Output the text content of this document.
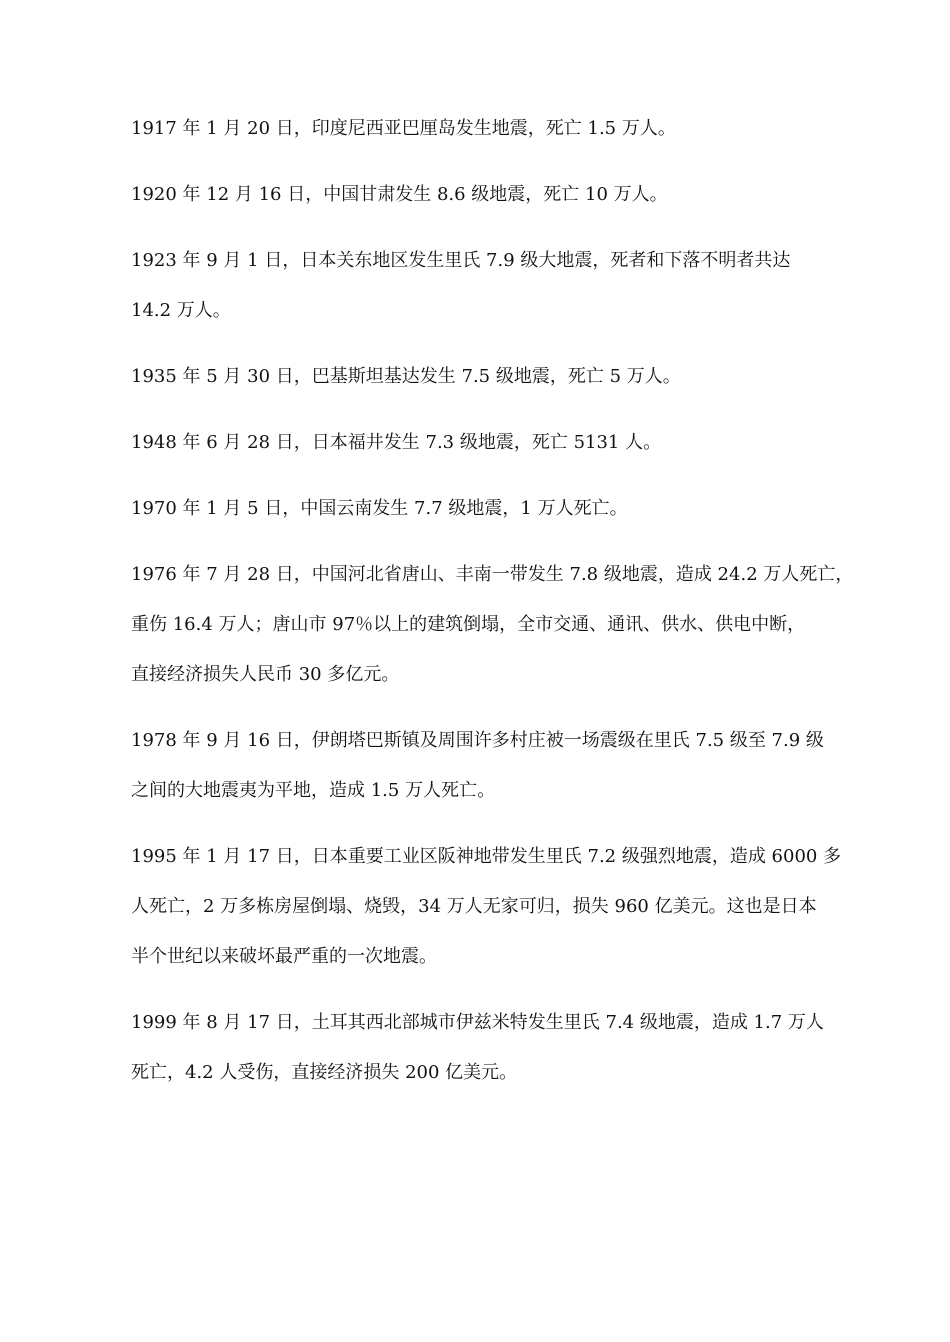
1917 年 1 月 20 日，印度尼西亚巴厘岛发生地震，死亡 1.5 万人。

1920 年 12 月 16 日，中国甘肃发生 8.6 级地震，死亡 10 万人。

1923 年 9 月 1 日，日本关东地区发生里氏 7.9 级大地震，死者和下落不明者共达
14.2 万人。

1935 年 5 月 30 日，巴基斯坦基达发生 7.5 级地震，死亡 5 万人。

1948 年 6 月 28 日，日本福井发生 7.3 级地震，死亡 5131 人。

1970 年 1 月 5 日，中国云南发生 7.7 级地震，1 万人死亡。

1976 年 7 月 28 日，中国河北省唐山、丰南一带发生 7.8 级地震，造成 24.2 万人死亡，
重伤 16.4 万人；唐山市 97％以上的建筑倒塌，全市交通、通讯、供水、供电中断，
直接经济损失人民币 30 多亿元。

1978 年 9 月 16 日，伊朗塔巴斯镇及周围许多村庄被一场震级在里氏 7.5 级至 7.9 级
之间的大地震夷为平地，造成 1.5 万人死亡。

1995 年 1 月 17 日，日本重要工业区阪神地带发生里氏 7.2 级强烈地震，造成 6000 多
人死亡，2 万多栋房屋倒塌、烧毁，34 万人无家可归，损失 960 亿美元。这也是日本
半个世纪以来破坏最严重的一次地震。

1999 年 8 月 17 日，土耳其西北部城市伊兹米特发生里氏 7.4 级地震，造成 1.7 万人
死亡，4.2 人受伤，直接经济损失 200 亿美元。
